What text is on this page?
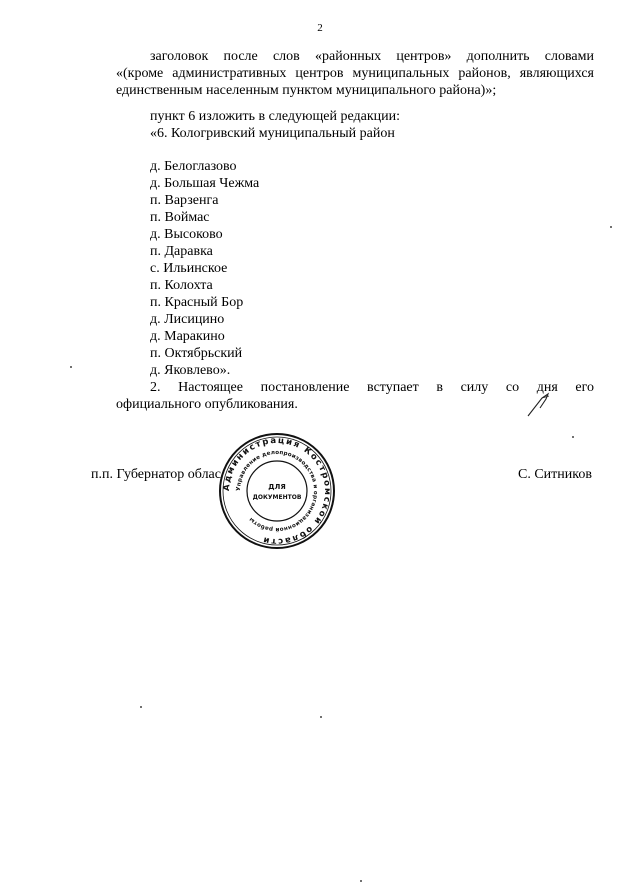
2
заголовок после слов «районных центров» дополнить словами
«(кроме административных центров муниципальных районов, являющихся
единственным населенным пунктом муниципального района)»;
пункт 6 изложить в следующей редакции:
«6. Кологривский муниципальный район
д. Белоглазово
д. Большая Чежма
п. Варзенга
п. Воймас
д. Высоково
п. Даравка
с. Ильинское
п. Колохта
п. Красный Бор
д. Лисицино
д. Маракино
п. Октябрьский
д. Яковлево».
2. Настоящее постановление вступает в силу со дня его
официального опубликования.
п.п. Губернатор облас	С. Ситников
Администрация Костромской области
Управление делопроизводства и организационной работы
ДЛЯ
ДОКУМЕНТОВ
